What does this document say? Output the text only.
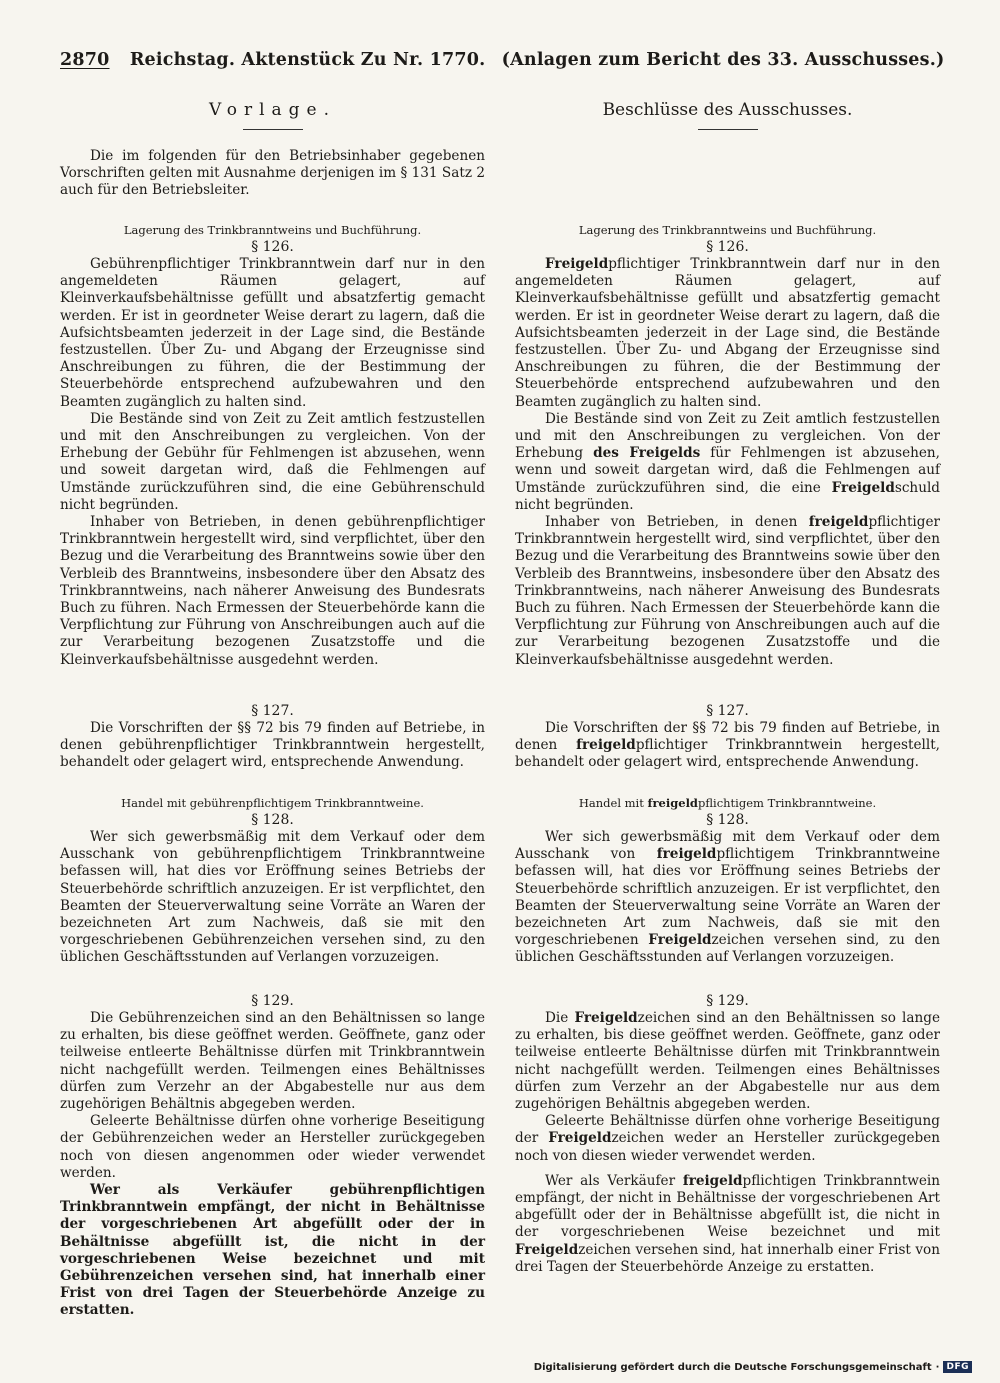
2870 Reichstag. Aktenstück Zu Nr. 1770. (Anlagen zum Bericht des 33. Ausschusses.)
Vorlage.

Die im folgenden für den Betriebsinhaber gegebenen Vorschriften gelten mit Ausnahme derjenigen im § 131 Satz 2 auch für den Betriebsleiter.

Lagerung des Trinkbranntweins und Buchführung.
§ 126.

Gebührenpflichtiger Trinkbranntwein darf nur in den angemeldeten Räumen gelagert, auf Kleinverkaufsbehältnisse gefüllt und absatzfertig gemacht werden. Er ist in geordneter Weise derart zu lagern, daß die Aufsichtsbeamten jederzeit in der Lage sind, die Bestände festzustellen. Über Zu- und Abgang der Erzeugnisse sind Anschreibungen zu führen, die der Bestimmung der Steuerbehörde entsprechend aufzubewahren und den Beamten zugänglich zu halten sind.

Die Bestände sind von Zeit zu Zeit amtlich festzustellen und mit den Anschreibungen zu vergleichen. Von der Erhebung der Gebühr für Fehlmengen ist abzusehen, wenn und soweit dargetan wird, daß die Fehlmengen auf Umstände zurückzuführen sind, die eine Gebührenschuld nicht begründen.

Inhaber von Betrieben, in denen gebührenpflichtiger Trinkbranntwein hergestellt wird, sind verpflichtet, über den Bezug und die Verarbeitung des Branntweins sowie über den Verbleib des Branntweins, insbesondere über den Absatz des Trinkbranntweins, nach näherer Anweisung des Bundesrats Buch zu führen. Nach Ermessen der Steuerbehörde kann die Verpflichtung zur Führung von Anschreibungen auch auf die zur Verarbeitung bezogenen Zusatzstoffe und die Kleinverkaufsbehältnisse ausgedehnt werden.

§ 127.

Die Vorschriften der §§ 72 bis 79 finden auf Betriebe, in denen gebührenpflichtiger Trinkbranntwein hergestellt, behandelt oder gelagert wird, entsprechende Anwendung.

Handel mit gebührenpflichtigem Trinkbranntweine.
§ 128.

Wer sich gewerbsmäßig mit dem Verkauf oder dem Ausschank von gebührenpflichtigem Trinkbranntweine befassen will, hat dies vor Eröffnung seines Betriebs der Steuerbehörde schriftlich anzuzeigen. Er ist verpflichtet, den Beamten der Steuerverwaltung seine Vorräte an Waren der bezeichneten Art zum Nachweis, daß sie mit den vorgeschriebenen Gebührenzeichen versehen sind, zu den üblichen Geschäftsstunden auf Verlangen vorzuzeigen.

§ 129.

Die Gebührenzeichen sind an den Behältnissen so lange zu erhalten, bis diese geöffnet werden. Geöffnete, ganz oder teilweise entleerte Behältnisse dürfen mit Trinkbranntwein nicht nachgefüllt werden. Teilmengen eines Behältnisses dürfen zum Verzehr an der Abgabestelle nur aus dem zugehörigen Behältnis abgegeben werden.

Geleerte Behältnisse dürfen ohne vorherige Beseitigung der Gebührenzeichen weder an Hersteller zurückgegeben noch von diesen angenommen oder wieder verwendet werden.

Wer als Verkäufer gebührenpflichtigen Trinkbranntwein empfängt, der nicht in Behältnisse der vorgeschriebenen Art abgefüllt oder der in Behältnisse abgefüllt ist, die nicht in der vorgeschriebenen Weise bezeichnet und mit Gebührenzeichen versehen sind, hat innerhalb einer Frist von drei Tagen der Steuerbehörde Anzeige zu erstatten.

Beschlüsse des Ausschusses.
Lagerung des Trinkbranntweins und Buchführung.
§ 126.

Freigeldpflichtiger Trinkbranntwein darf nur in den angemeldeten Räumen gelagert, auf Kleinverkaufsbehältnisse gefüllt und absatzfertig gemacht werden. Er ist in geordneter Weise derart zu lagern, daß die Aufsichtsbeamten jederzeit in der Lage sind, die Bestände festzustellen. Über Zu- und Abgang der Erzeugnisse sind Anschreibungen zu führen, die der Bestimmung der Steuerbehörde entsprechend aufzubewahren und den Beamten zugänglich zu halten sind.

Die Bestände sind von Zeit zu Zeit amtlich festzustellen und mit den Anschreibungen zu vergleichen. Von der Erhebung des Freigelds für Fehlmengen ist abzusehen, wenn und soweit dargetan wird, daß die Fehlmengen auf Umstände zurückzuführen sind, die eine Freigeldschuld nicht begründen.

Inhaber von Betrieben, in denen freigeldpflichtiger Trinkbranntwein hergestellt wird, sind verpflichtet, über den Bezug und die Verarbeitung des Branntweins sowie über den Verbleib des Branntweins, insbesondere über den Absatz des Trinkbranntweins, nach näherer Anweisung des Bundesrats Buch zu führen. Nach Ermessen der Steuerbehörde kann die Verpflichtung zur Führung von Anschreibungen auch auf die zur Verarbeitung bezogenen Zusatzstoffe und die Kleinverkaufsbehältnisse ausgedehnt werden.

§ 127.

Die Vorschriften der §§ 72 bis 79 finden auf Betriebe, in denen freigeldpflichtiger Trinkbranntwein hergestellt, behandelt oder gelagert wird, entsprechende Anwendung.

Handel mit freigeldpflichtigem Trinkbranntweine.
§ 128.

Wer sich gewerbsmäßig mit dem Verkauf oder dem Ausschank von freigeldpflichtigem Trinkbranntweine befassen will, hat dies vor Eröffnung seines Betriebs der Steuerbehörde schriftlich anzuzeigen. Er ist verpflichtet, den Beamten der Steuerverwaltung seine Vorräte an Waren der bezeichneten Art zum Nachweis, daß sie mit den vorgeschriebenen Freigeldzeichen versehen sind, zu den üblichen Geschäftsstunden auf Verlangen vorzuzeigen.

§ 129.

Die Freigeldzeichen sind an den Behältnissen so lange zu erhalten, bis diese geöffnet werden. Geöffnete, ganz oder teilweise entleerte Behältnisse dürfen mit Trinkbranntwein nicht nachgefüllt werden. Teilmengen eines Behältnisses dürfen zum Verzehr an der Abgabestelle nur aus dem zugehörigen Behältnis abgegeben werden.

Geleerte Behältnisse dürfen ohne vorherige Beseitigung der Freigeldzeichen weder an Hersteller zurückgegeben noch von diesen wieder verwendet werden.

Wer als Verkäufer freigeldpflichtigen Trinkbranntwein empfängt, der nicht in Behältnisse der vorgeschriebenen Art abgefüllt oder der in Behältnisse abgefüllt ist, die nicht in der vorgeschriebenen Weise bezeichnet und mit Freigeldzeichen versehen sind, hat innerhalb einer Frist von drei Tagen der Steuerbehörde Anzeige zu erstatten.

Digitalisierung gefördert durch die Deutsche Forschungsgemeinschaft · DFG
